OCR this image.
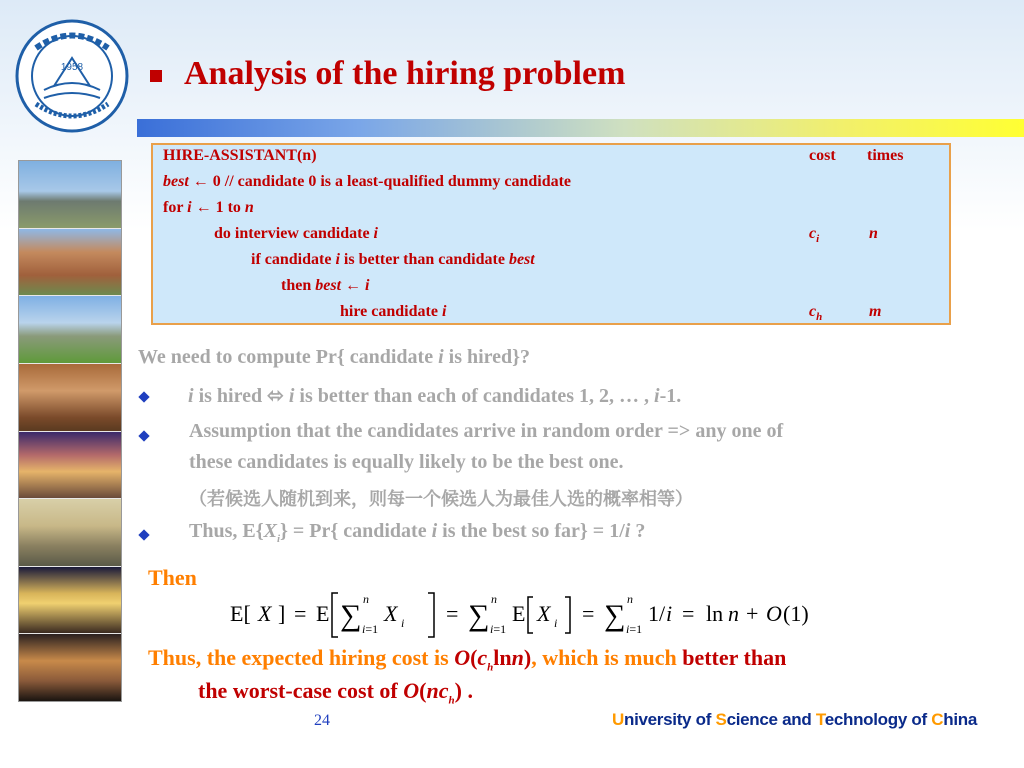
1958	Analysis of the hiring problem
HIRE-ASSISTANT(n)	cost times
best ← 0 // candidate 0 is a least-qualified dummy candidate
for i ← 1 to n
do interview candidate i	$c_i$	n
if candidate i is better than candidate best
then best ← i
hire candidate i	$c_h$	m
We need to compute Pr{ candidate i is hired}?
i is hired ⬄ i is better than each of candidates 1, 2, … , i-1.
Assumption that the candidates arrive in random order => any one of
these candidates is equally likely to be the best one.
（若候选人随机到来，则每一个候选人为最佳人选的概率相等）
Thus, $E\{X_i\} = Pr${ candidate i is the best so far} = 1/i ?
Then
E[ X ] = E ∑ n
i=1
X i = ∑ n
i=1
E X i = ∑ n
i=1
1/ i = ln n + O (1)
Thus, the expected hiring cost is $O(c_h\ln n)$, which is much better than
the worst-case cost of $O(nc_h)$ .
24	University of Science and Technology of China
